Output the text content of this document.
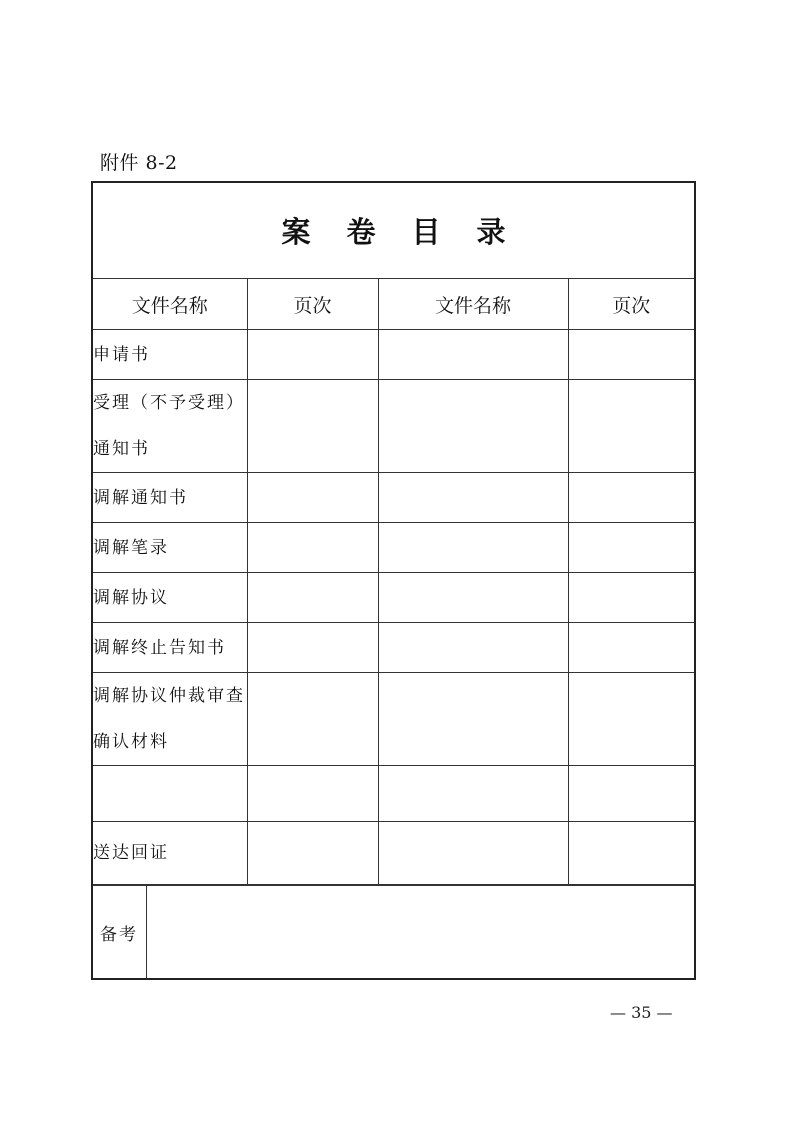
附件 8-2
案卷目录
文件名称	页次	文件名称	页次
申请书			
受理（不予受理）通知书			
调解通知书			
调解笔录			
调解协议			
调解终止告知书			
调解协议仲裁审查确认材料			

送达回证			
备考
— 35 —
